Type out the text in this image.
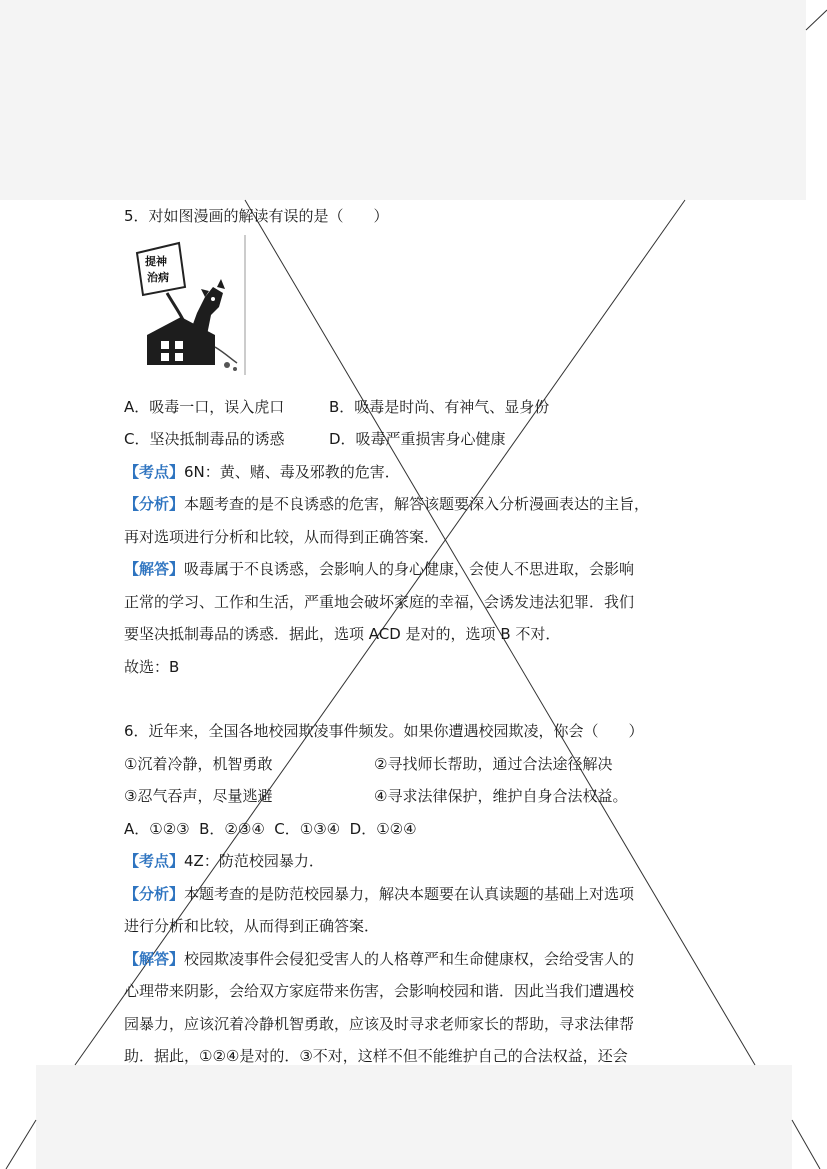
5．对如图漫画的解读有误的是（　　）
提神
治病
A．吸毒一口，误入虎口	B．吸毒是时尚、有神气、显身份
C．坚决抵制毒品的诱惑	D．吸毒严重损害身心健康
【考点】6N：黄、赌、毒及邪教的危害．
【分析】本题考查的是不良诱惑的危害，解答该题要深入分析漫画表达的主旨，
再对选项进行分析和比较，从而得到正确答案．
【解答】吸毒属于不良诱惑，会影响人的身心健康，会使人不思进取，会影响
正常的学习、工作和生活，严重地会破坏家庭的幸福，会诱发违法犯罪．我们
要坚决抵制毒品的诱惑．据此，选项 ACD 是对的，选项 B 不对．
故选：B
6．近年来，全国各地校园欺凌事件频发。如果你遭遇校园欺凌，你会（　　）
①沉着冷静，机智勇敢	②寻找师长帮助，通过合法途径解决
③忍气吞声，尽量逃避	④寻求法律保护，维护自身合法权益。
A．①②③  B．②③④  C．①③④  D．①②④
【考点】4Z：防范校园暴力．
【分析】本题考查的是防范校园暴力，解决本题要在认真读题的基础上对选项
进行分析和比较，从而得到正确答案．
【解答】校园欺凌事件会侵犯受害人的人格尊严和生命健康权，会给受害人的
心理带来阴影，会给双方家庭带来伤害，会影响校园和谐．因此当我们遭遇校
园暴力，应该沉着冷静机智勇敢，应该及时寻求老师家长的帮助，寻求法律帮
助．据此，①②④是对的．③不对，这样不但不能维护自己的合法权益，还会
